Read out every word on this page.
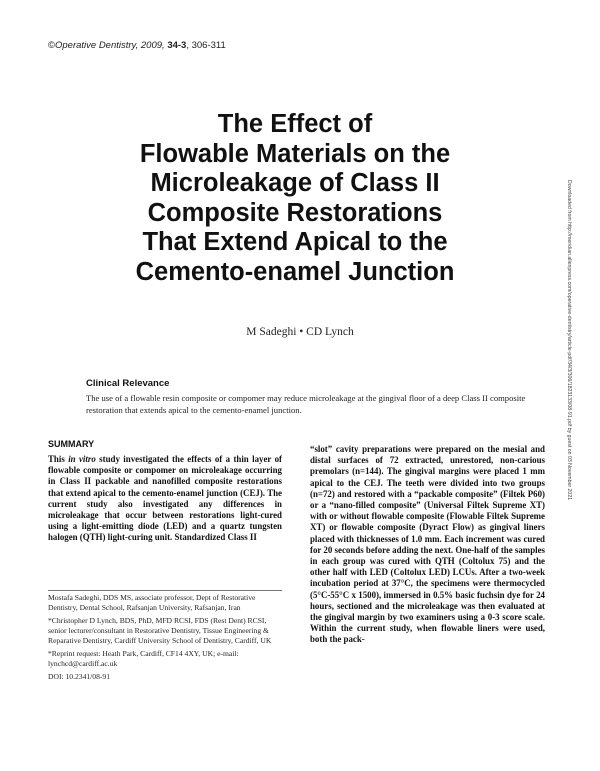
©Operative Dentistry, 2009, 34-3, 306-311
The Effect of
Flowable Materials on the
Microleakage of Class II
Composite Restorations
That Extend Apical to the
Cemento-enamel Junction
M Sadeghi • CD Lynch
Clinical Relevance
The use of a flowable resin composite or compomer may reduce microleakage at the gingival floor of a deep Class II composite restoration that extends apical to the cemento-enamel junction.
SUMMARY
This in vitro study investigated the effects of a thin layer of flowable composite or compomer on microleakage occurring in Class II packable and nanofilled composite restorations that extend apical to the cemento-enamel junction (CEJ). The current study also investigated any differences in microleakage that occur between restorations light-cured using a light-emitting diode (LED) and a quartz tungsten halogen (QTH) light-curing unit. Standardized Class II

Mostafa Sadeghi, DDS MS, associate professor, Dept of Restorative Dentistry, Dental School, Rafsanjan University, Rafsanjan, Iran

*Christopher D Lynch, BDS, PhD, MFD RCSI, FDS (Rest Dent) RCSI, senior lecturer/consultant in Restorative Dentistry, Tissue Engineering & Reparative Dentistry, Cardiff University School of Dentistry, Cardiff, UK

*Reprint request: Heath Park, Cardiff, CF14 4XY, UK; e-mail: lynchcd@cardiff.ac.uk

DOI: 10.2341/08-91

“slot” cavity preparations were prepared on the mesial and distal surfaces of 72 extracted, unrestored, non-carious premolars (n=144). The gingival margins were placed 1 mm apical to the CEJ. The teeth were divided into two groups (n=72) and restored with a “packable composite” (Filtek P60) or a “nano-filled composite” (Universal Filtek Supreme XT) with or without flowable composite (Flowable Filtek Supreme XT) or flowable composite (Dyract Flow) as gingival liners placed with thicknesses of 1.0 mm. Each increment was cured for 20 seconds before adding the next. One-half of the samples in each group was cured with QTH (Coltolux 75) and the other half with LED (Coltolux LED) LCUs. After a two-week incubation period at 37°C, the specimens were thermocycled (5°C-55°C x 1500), immersed in 0.5% basic fuchsin dye for 24 hours, sectioned and the microleakage was then evaluated at the gingival margin by two examiners using a 0-3 score scale. Within the current study, when flowable liners were used, both the pack-
Downloaded from http://meridian.allenpress.com/operative-dentistry/article-pdf/34/3/306/1823133/08-91.pdf by guest on 03 November 2021
